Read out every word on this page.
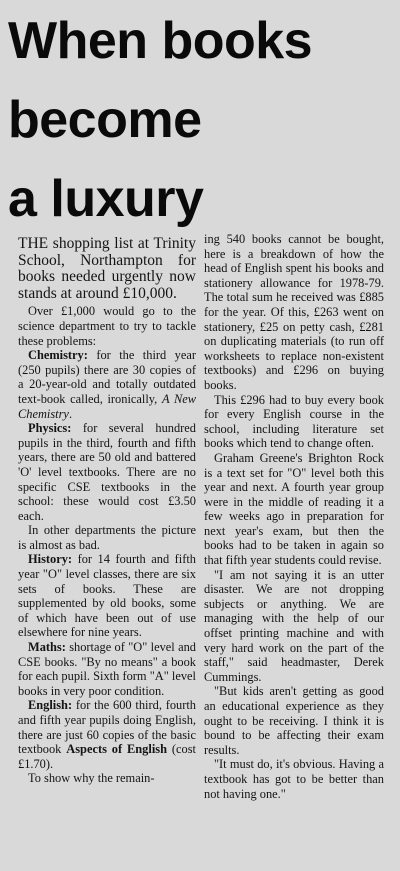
When books
become
a luxury

THE shopping list at Trinity School, Northampton for books needed urgently now stands at around £10,000.

Over £1,000 would go to the science department to try to tackle these problems:

Chemistry: for the third year (250 pupils) there are 30 copies of a 20-year-old and totally outdated text-book called, ironically, A New Chemistry.

Physics: for several hundred pupils in the third, fourth and fifth years, there are 50 old and battered 'O' level textbooks. There are no specific CSE textbooks in the school: these would cost £3.50 each.

In other departments the picture is almost as bad.

History: for 14 fourth and fifth year "O" level classes, there are six sets of books. These are supplemented by old books, some of which have been out of use elsewhere for nine years.

Maths: shortage of "O" level and CSE books. "By no means" a book for each pupil. Sixth form "A" level books in very poor condition.

English: for the 600 third, fourth and fifth year pupils doing English, there are just 60 copies of the basic textbook Aspects of English (cost £1.70).

To show why the remain-

ing 540 books cannot be bought, here is a breakdown of how the head of English spent his books and stationery allowance for 1978-79. The total sum he received was £885 for the year. Of this, £263 went on stationery, £25 on petty cash, £281 on duplicating materials (to run off worksheets to replace non-existent textbooks) and £296 on buying books.

This £296 had to buy every book for every English course in the school, including literature set books which tend to change often.

Graham Greene's Brighton Rock is a text set for "O" level both this year and next. A fourth year group were in the middle of reading it a few weeks ago in preparation for next year's exam, but then the books had to be taken in again so that fifth year students could revise.

"I am not saying it is an utter disaster. We are not dropping subjects or anything. We are managing with the help of our offset printing machine and with very hard work on the part of the staff," said headmaster, Derek Cummings.

"But kids aren't getting as good an educational experience as they ought to be receiving. I think it is bound to be affecting their exam results.

"It must do, it's obvious. Having a textbook has got to be better than not having one."
